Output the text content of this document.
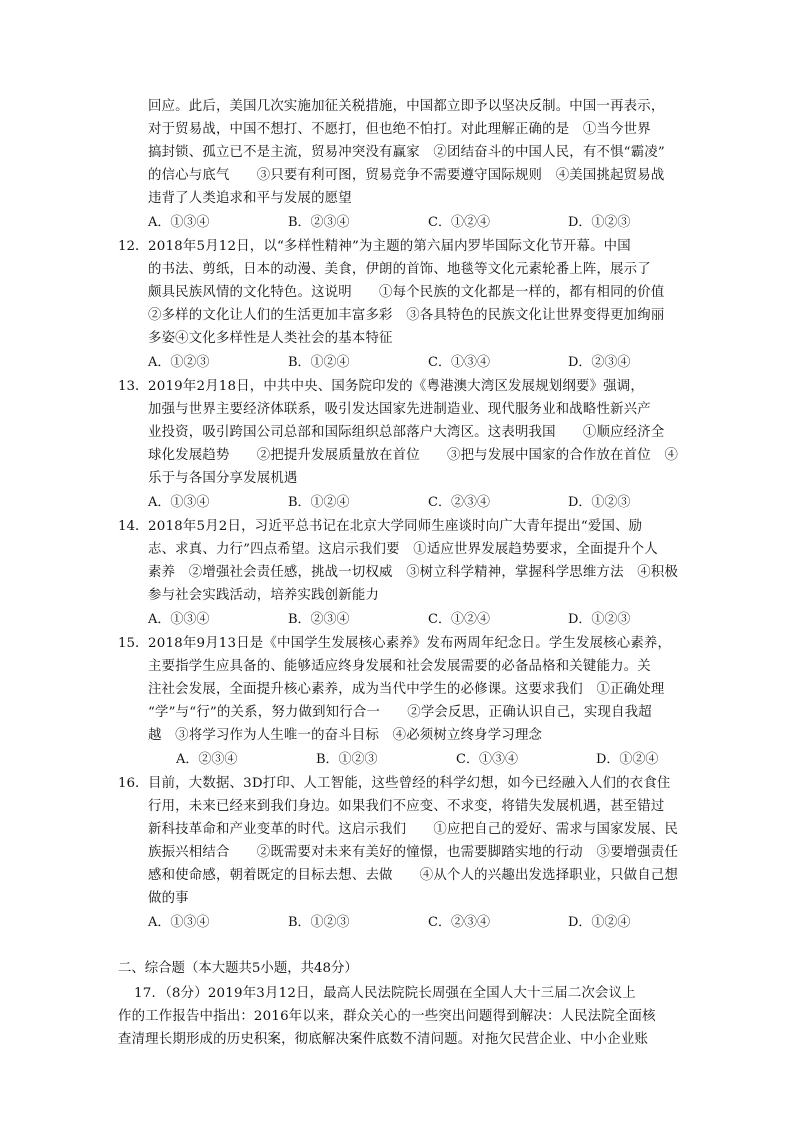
回应。此后，美国几次实施加征关税措施，中国都立即予以坚决反制。中国一再表示，
对于贸易战，中国不想打、不愿打，但也绝不怕打。对此理解正确的是　①当今世界
搞封锁、孤立已不是主流，贸易冲突没有赢家　②团结奋斗的中国人民，有不惧“霸凌”
的信心与底气　　③只要有利可图，贸易竞争不需要遵守国际规则　④美国挑起贸易战
违背了人类追求和平与发展的愿望
A．①③④	B．②③④	C．①②④	D．①②③
12． 2018年5月12日，以“多样性精神”为主题的第六届内罗毕国际文化节开幕。中国
的书法、剪纸，日本的动漫、美食，伊朗的首饰、地毯等文化元素轮番上阵，展示了
颇具民族风情的文化特色。这说明　　①每个民族的文化都是一样的，都有相同的价值
②多样的文化让人们的生活更加丰富多彩　③各具特色的民族文化让世界变得更加绚丽
多姿④文化多样性是人类社会的基本特征
A．①②③	B．①②④	C．①③④	D．②③④
13． 2019年2月18日，中共中央、国务院印发的《粤港澳大湾区发展规划纲要》强调，
加强与世界主要经济体联系，吸引发达国家先进制造业、现代服务业和战略性新兴产
业投资，吸引跨国公司总部和国际组织总部落户大湾区。这表明我国　　①顺应经济全
球化发展趋势　　②把提升发展质量放在首位　　③把与发展中国家的合作放在首位　④
乐于与各国分享发展机遇
A．①③④	B．①②④	C．②③④	D．①②③
14． 2018年5月2日，习近平总书记在北京大学同师生座谈时向广大青年提出“爱国、励
志、求真、力行”四点希望。这启示我们要　①适应世界发展趋势要求，全面提升个人
素养　②增强社会责任感，挑战一切权威　③树立科学精神，掌握科学思维方法　④积极
参与社会实践活动，培养实践创新能力
A．①③④	B．②③④	C．①②④	D．①②③
15． 2018年9月13日是《中国学生发展核心素养》发布两周年纪念日。学生发展核心素养，
主要指学生应具备的、能够适应终身发展和社会发展需要的必备品格和关键能力。关
注社会发展，全面提升核心素养，成为当代中学生的必修课。这要求我们　①正确处理
“学”与“行”的关系，努力做到知行合一　　②学会反思，正确认识自己，实现自我超
越　③将学习作为人生唯一的奋斗目标　④必须树立终身学习理念
A．②③④	B．①②③	C．①③④	D．①②④
16． 目前，大数据、3D打印、人工智能，这些曾经的科学幻想，如今已经融入人们的衣食住
行用，未来已经来到我们身边。如果我们不应变、不求变，将错失发展机遇，甚至错过
新科技革命和产业变革的时代。这启示我们　　①应把自己的爱好、需求与国家发展、民
族振兴相结合　　②既需要对未来有美好的憧憬，也需要脚踏实地的行动　③要增强责任
感和使命感，朝着既定的目标去想、去做　　④从个人的兴趣出发选择职业，只做自己想
做的事
A．①③④	B．①②③	C．②③④	D．①②④
二、综合题（本大题共5小题，共48分）
17．（8分）2019年3月12日，最高人民法院院长周强在全国人大十三届二次会议上
作的工作报告中指出：2016年以来，群众关心的一些突出问题得到解决：人民法院全面核
查清理长期形成的历史积案，彻底解决案件底数不清问题。对拖欠民营企业、中小企业账
